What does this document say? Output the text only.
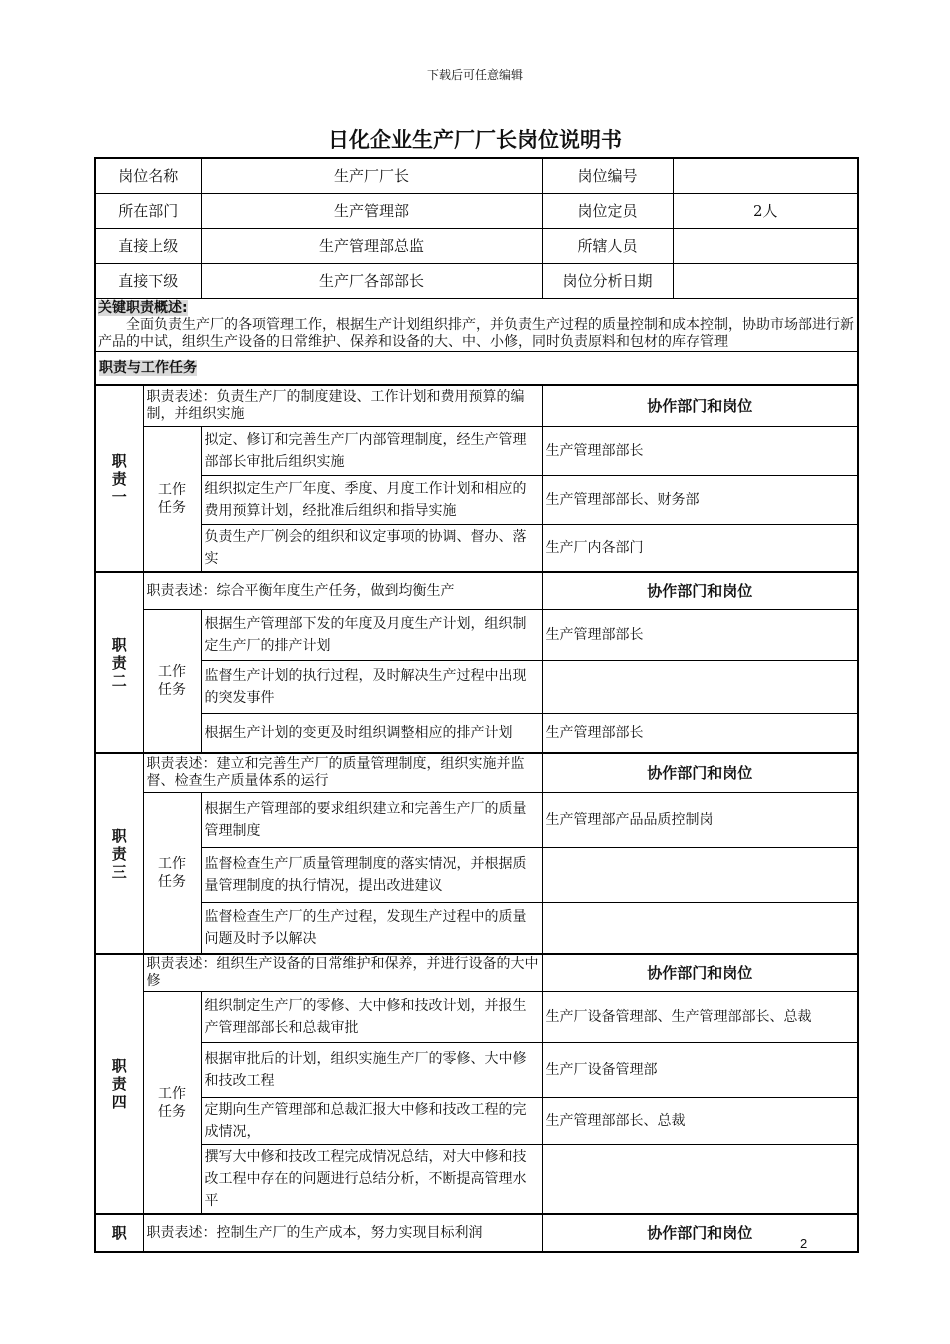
下载后可任意编辑
日化企业生产厂厂长岗位说明书
岗位名称		生产厂厂长	岗位编号	
所在部门		生产管理部	岗位定员	2人
直接上级		生产管理部总监	所辖人员	
直接下级		生产厂各部部长	岗位分析日期	

关键职责概述:
全面负责生产厂的各项管理工作，根据生产计划组织排产，并负责生产过程的质量控制和成本控制，协助市场部进行新产品的中试，组织生产设备的日常维护、保养和设备的大、中、小修，同时负责原料和包材的库存管理				

职责与工作任务				

职责一	职责表述：负责生产厂的制度建设、工作计划和费用预算的编制，并组织实施		协作部门和岗位	

	工作任务	拟定、修订和完善生产厂内部管理制度，经生产管理部部长审批后组织实施	生产管理部部长	
		组织拟定生产厂年度、季度、月度工作计划和相应的费用预算计划，经批准后组织和指导实施	生产管理部部长、财务部	
		负责生产厂例会的组织和议定事项的协调、督办、落实	生产厂内各部门	

职责二	职责表述：综合平衡年度生产任务，做到均衡生产		协作部门和岗位	

	工作任务	根据生产管理部下发的年度及月度生产计划，组织制定生产厂的排产计划	生产管理部部长	
		监督生产计划的执行过程，及时解决生产过程中出现的突发事件		
		根据生产计划的变更及时组织调整相应的排产计划	生产管理部部长	

职责三	职责表述：建立和完善生产厂的质量管理制度，组织实施并监督、检查生产质量体系的运行		协作部门和岗位	

	工作任务	根据生产管理部的要求组织建立和完善生产厂的质量管理制度	生产管理部产品品质控制岗	
		监督检查生产厂质量管理制度的落实情况，并根据质量管理制度的执行情况，提出改进建议		
		监督检查生产厂的生产过程，发现生产过程中的质量问题及时予以解决		

职责四	职责表述：组织生产设备的日常维护和保养，并进行设备的大中修		协作部门和岗位	

	工作任务	组织制定生产厂的零修、大中修和技改计划，并报生产管理部部长和总裁审批	生产厂设备管理部、生产管理部部长、总裁	
		根据审批后的计划，组织实施生产厂的零修、大中修和技改工程	生产厂设备管理部	
		定期向生产管理部和总裁汇报大中修和技改工程的完成情况，	生产管理部部长、总裁	
		撰写大中修和技改工程完成情况总结，对大中修和技改工程中存在的问题进行总结分析，不断提高管理水平		

职	职责表述：控制生产厂的生产成本，努力实现目标利润		协作部门和岗位	
2
